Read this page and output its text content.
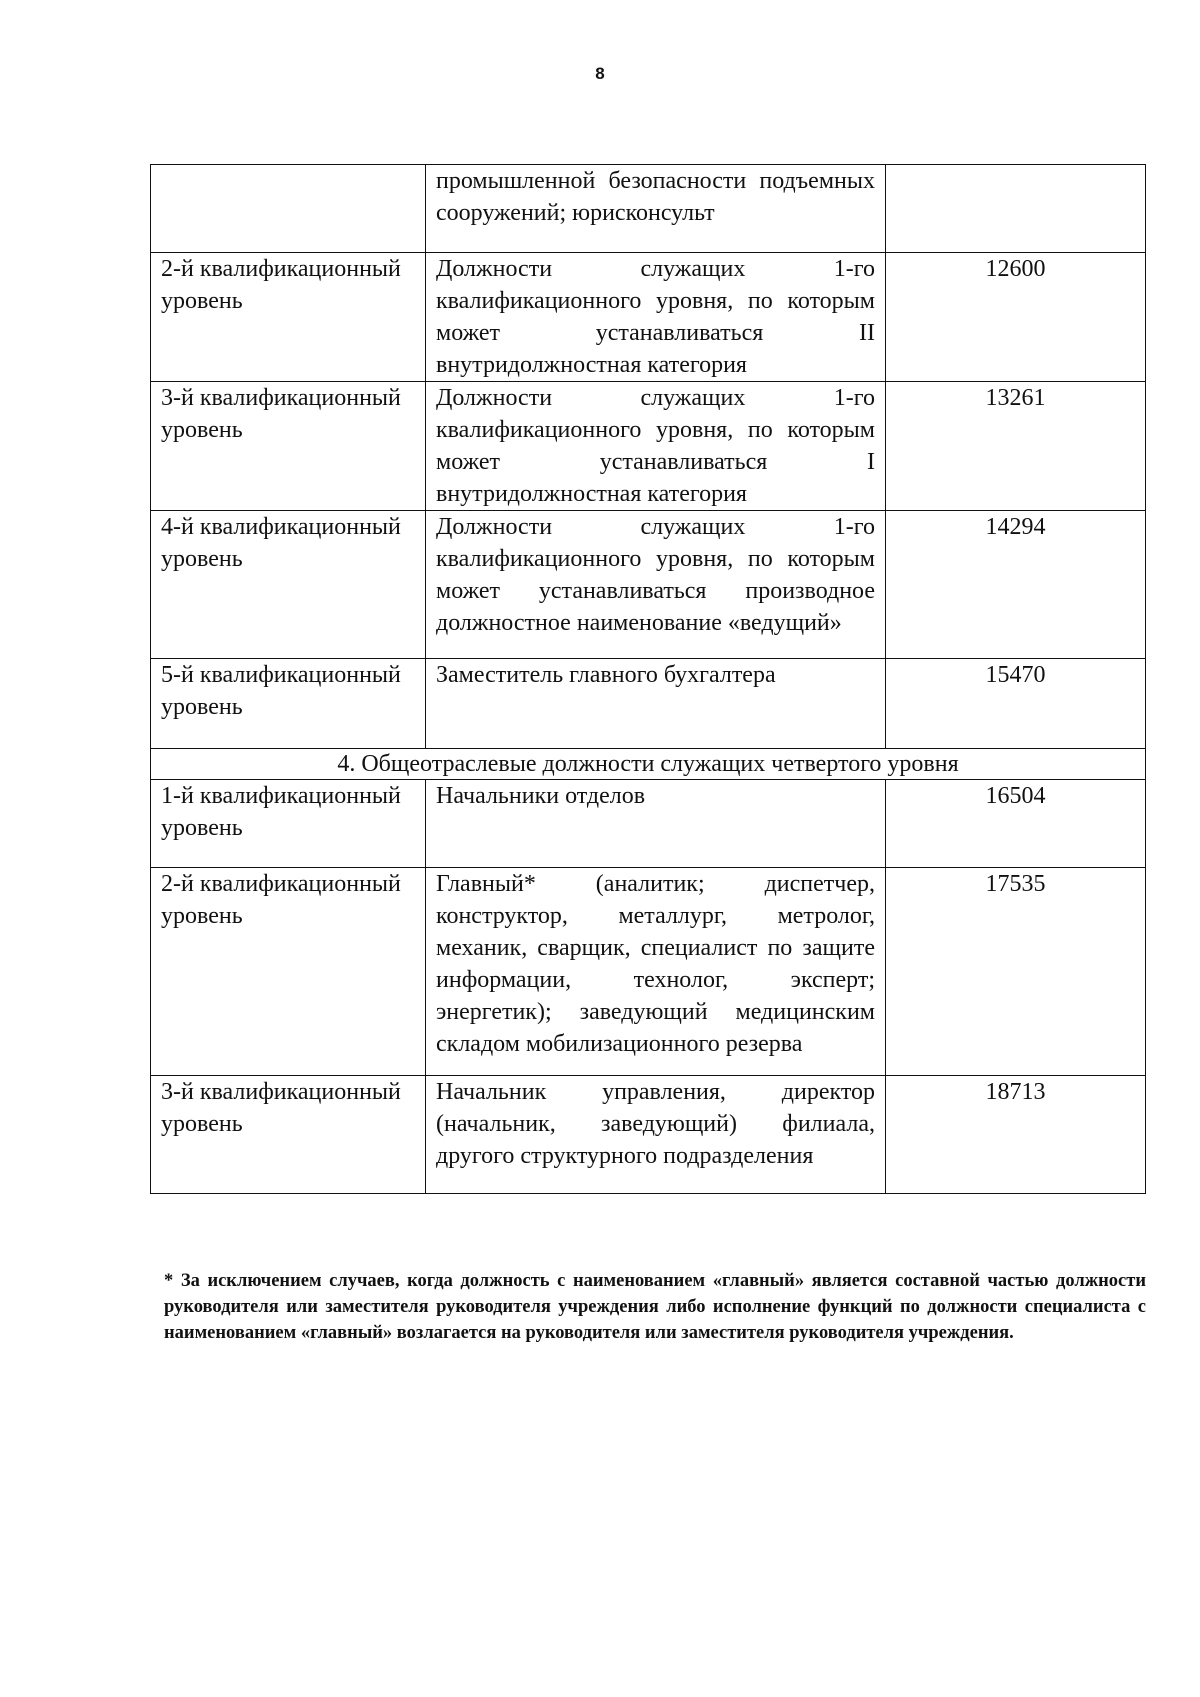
8
	промышленной безопасности подъемных сооружений; юрисконсульт	
2-й квалификационный уровень	Должности служащих 1-го квалификационного уровня, по которым может устанавливаться II внутридолжностная категория	12600
3-й квалификационный уровень	Должности служащих 1-го квалификационного уровня, по которым может устанавливаться I внутридолжностная категория	13261
4-й квалификационный уровень	Должности служащих 1-го квалификационного уровня, по которым может устанавливаться производное должностное наименование «ведущий»	14294
5-й квалификационный уровень	Заместитель главного бухгалтера	15470
4. Общеотраслевые должности служащих четвертого уровня		
1-й квалификационный уровень	Начальники отделов	16504
2-й квалификационный уровень	Главный* (аналитик; диспетчер, конструктор, металлург, метролог, механик, сварщик, специалист по защите информации, технолог, эксперт; энергетик); заведующий медицинским складом мобилизационного резерва	17535
3-й квалификационный уровень	Начальник управления, директор (начальник, заведующий) филиала, другого структурного подразделения	18713
* За исключением случаев, когда должность с наименованием «главный» является составной частью должности руководителя или заместителя руководителя учреждения либо исполнение функций по должности специалиста с наименованием «главный» возлагается на руководителя или заместителя руководителя учреждения.
